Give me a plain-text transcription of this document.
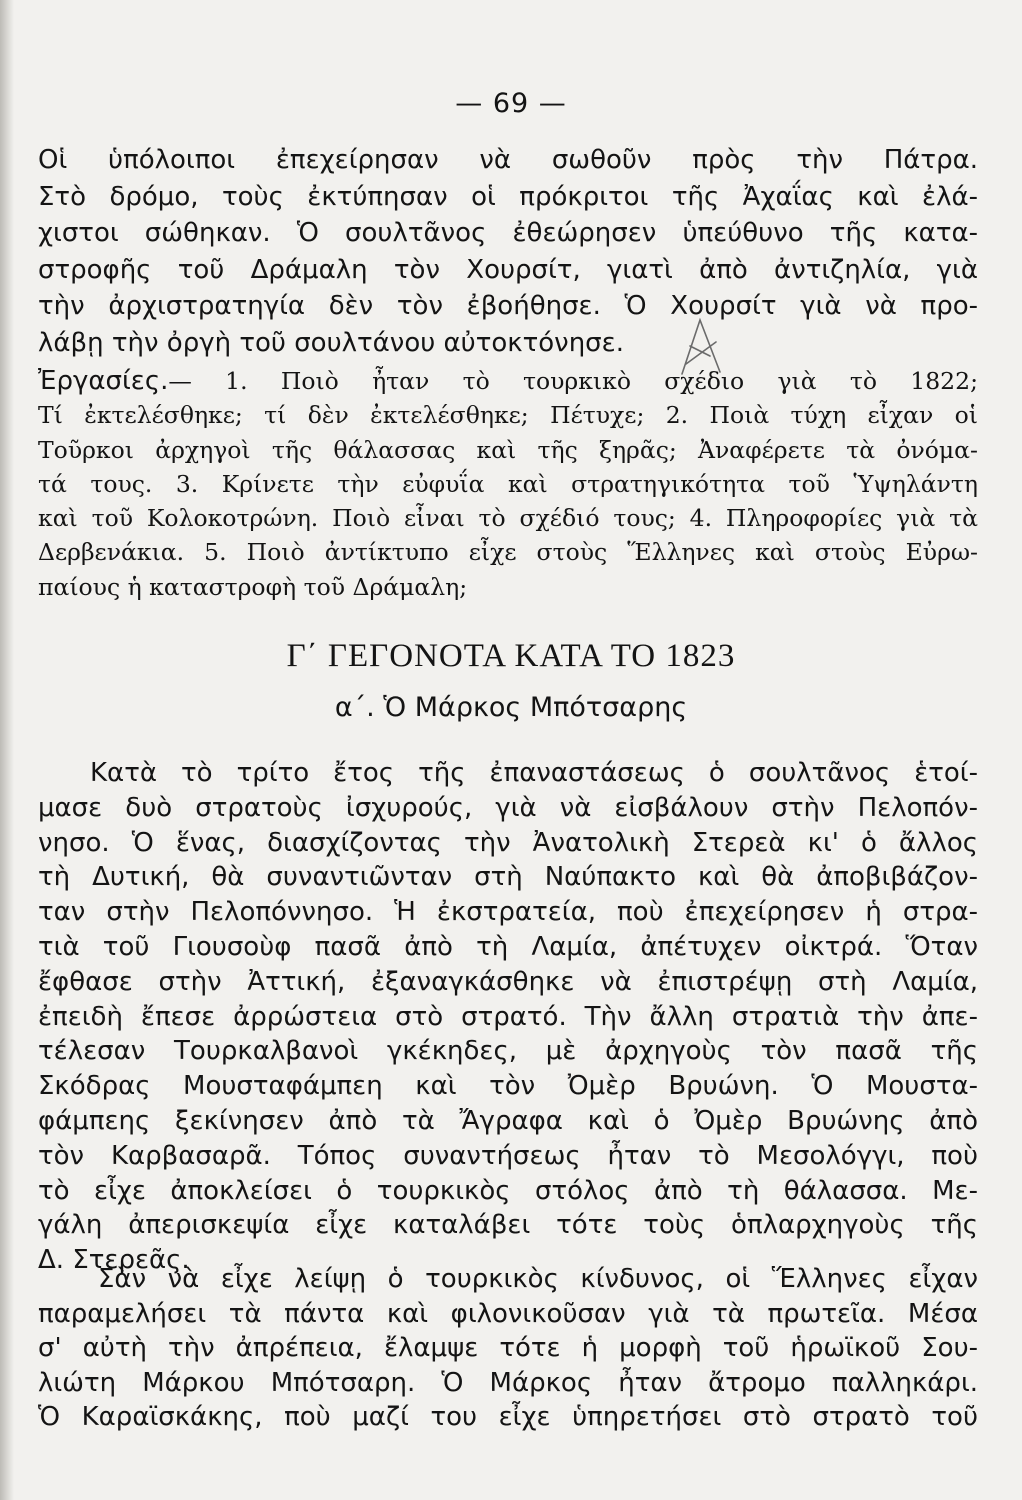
— 69 —
Οἱ ὑπόλοιποι ἐπεχείρησαν νὰ σωθοῦν πρὸς τὴν Πάτρα.
Στὸ δρόμο, τοὺς ἐκτύπησαν οἱ πρόκριτοι τῆς Ἀχαΐας καὶ ἐλά-
χιστοι σώθηκαν. Ὁ σουλτᾶνος ἐθεώρησεν ὑπεύθυνο τῆς κατα-
στροφῆς τοῦ Δράμαλη τὸν Χουρσίτ, γιατὶ ἀπὸ ἀντιζηλία, γιὰ
τὴν ἀρχιστρατηγία δὲν τὸν ἐβοήθησε. Ὁ Χουρσίτ γιὰ νὰ προ-
λάβῃ τὴν ὀργὴ τοῦ σουλτάνου αὐτοκτόνησε.
Ἐργασίες.— 1. Ποιὸ ἦταν τὸ τουρκικὸ σχέδιο γιὰ τὸ 1822;
Τί ἐκτελέσθηκε; τί δὲν ἐκτελέσθηκε; Πέτυχε; 2. Ποιὰ τύχη εἶχαν οἱ
Τοῦρκοι ἀρχηγοὶ τῆς θάλασσας καὶ τῆς ξηρᾶς; Ἀναφέρετε τὰ ὀνόμα-
τά τους. 3. Κρίνετε τὴν εὐφυΐα καὶ στρατηγικότητα τοῦ Ὑψηλάντη
καὶ τοῦ Κολοκοτρώνη. Ποιὸ εἶναι τὸ σχέδιό τους; 4. Πληροφορίες γιὰ τὰ
Δερβενάκια. 5. Ποιὸ ἀντίκτυπο εἶχε στοὺς Ἕλληνες καὶ στοὺς Εὐρω-
παίους ἡ καταστροφὴ τοῦ Δράμαλη;
Γ΄ ΓΕΓΟΝΟΤΑ ΚΑΤΑ ΤΟ 1823
α΄. Ὁ Μάρκος Μπότσαρης
Κατὰ τὸ τρίτο ἔτος τῆς ἐπαναστάσεως ὁ σουλτᾶνος ἑτοί-
μασε δυὸ στρατοὺς ἰσχυρούς, γιὰ νὰ εἰσβάλουν στὴν Πελοπόν-
νησο. Ὁ ἕνας, διασχίζοντας τὴν Ἀνατολικὴ Στερεὰ κι' ὁ ἄλλος
τὴ Δυτική, θὰ συναντιῶνταν στὴ Ναύπακτο καὶ θὰ ἀποβιβάζον-
ταν στὴν Πελοπόννησο. Ἡ ἐκστρατεία, ποὺ ἐπεχείρησεν ἡ στρα-
τιὰ τοῦ Γιουσοὺφ πασᾶ ἀπὸ τὴ Λαμία, ἀπέτυχεν οἰκτρά. Ὅταν
ἔφθασε στὴν Ἀττική, ἐξαναγκάσθηκε νὰ ἐπιστρέψῃ στὴ Λαμία,
ἐπειδὴ ἔπεσε ἀρρώστεια στὸ στρατό. Τὴν ἄλλη στρατιὰ τὴν ἀπε-
τέλεσαν Τουρκαλβανοὶ γκέκηδες, μὲ ἀρχηγοὺς τὸν πασᾶ τῆς
Σκόδρας Μουσταφάμπεη καὶ τὸν Ὀμὲρ Βρυώνη. Ὁ Μουστα-
φάμπεης ξεκίνησεν ἀπὸ τὰ Ἄγραφα καὶ ὁ Ὀμὲρ Βρυώνης ἀπὸ
τὸν Καρβασαρᾶ. Τόπος συναντήσεως ἦταν τὸ Μεσολόγγι, ποὺ
τὸ εἶχε ἀποκλείσει ὁ τουρκικὸς στόλος ἀπὸ τὴ θάλασσα. Με-
γάλη ἀπερισκεψία εἶχε καταλάβει τότε τοὺς ὁπλαρχηγοὺς τῆς
Δ. Στερεᾶς.
Σὰν νὰ εἶχε λείψῃ ὁ τουρκικὸς κίνδυνος, οἱ Ἕλληνες εἶχαν
παραμελήσει τὰ πάντα καὶ φιλονικοῦσαν γιὰ τὰ πρωτεῖα. Μέσα
σ' αὐτὴ τὴν ἀπρέπεια, ἔλαμψε τότε ἡ μορφὴ τοῦ ἡρωϊκοῦ Σου-
λιώτη Μάρκου Μπότσαρη. Ὁ Μάρκος ἦταν ἄτρομο παλληκάρι.
Ὁ Καραϊσκάκης, ποὺ μαζί του εἶχε ὑπηρετήσει στὸ στρατὸ τοῦ
